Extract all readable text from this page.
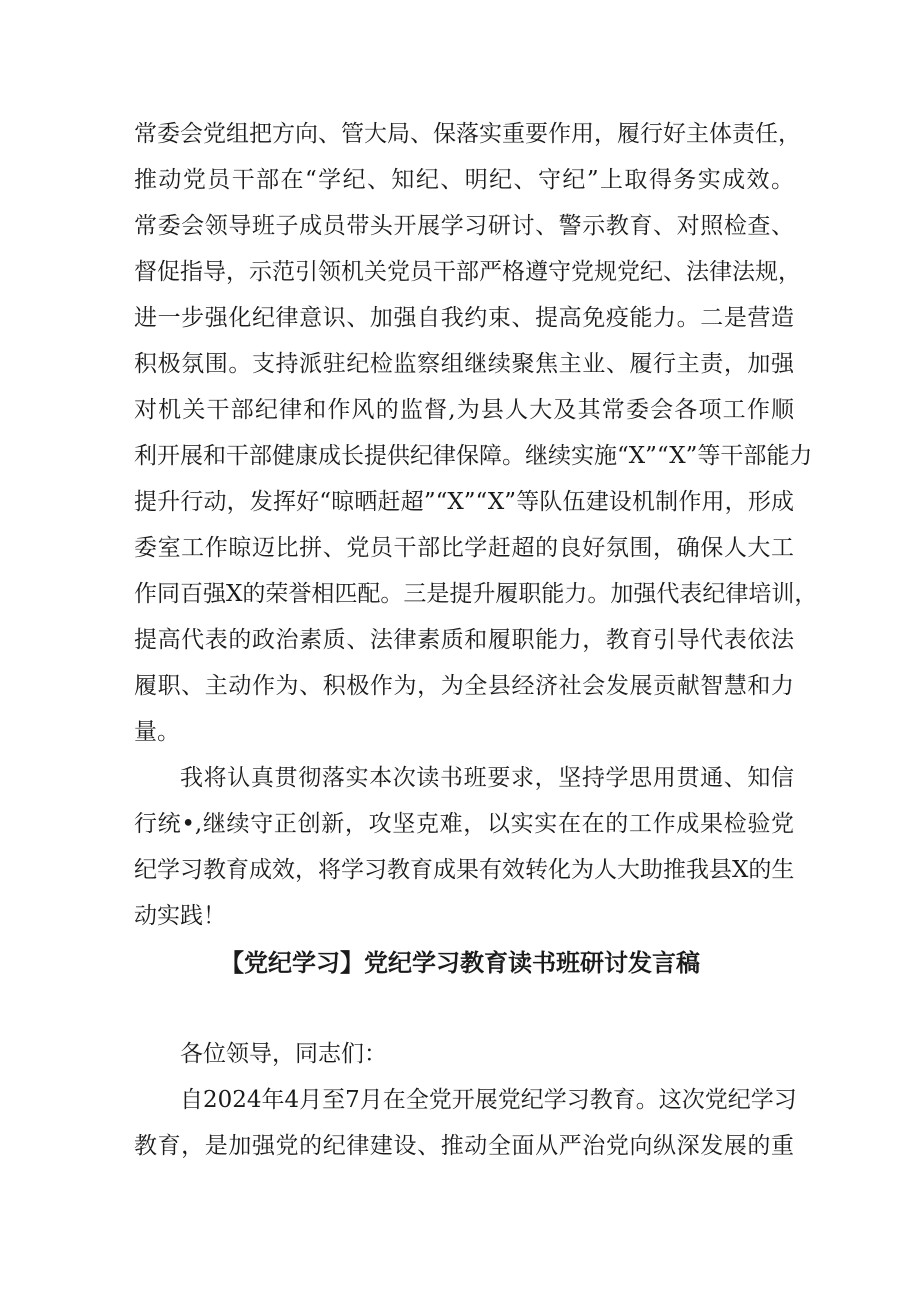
常委会党组把方向、管大局、保落实重要作用，履行好主体责任，
推动党员干部在“学纪、知纪、明纪、守纪”上取得务实成效。
常委会领导班子成员带头开展学习研讨、警示教育、对照检查、
督促指导，示范引领机关党员干部严格遵守党规党纪、法律法规，
进一步强化纪律意识、加强自我约束、提高免疫能力。二是营造
积极氛围。支持派驻纪检监察组继续聚焦主业、履行主责，加强
对机关干部纪律和作风的监督,为县人大及其常委会各项工作顺
利开展和干部健康成长提供纪律保障。继续实施“X”“X”等干部能力
提升行动，发挥好“晾晒赶超”“X”“X”等队伍建设机制作用，形成
委室工作晾迈比拼、党员干部比学赶超的良好氛围，确保人大工
作同百强X的荣誉相匹配。三是提升履职能力。加强代表纪律培训，
提高代表的政治素质、法律素质和履职能力，教育引导代表依法
履职、主动作为、积极作为，为全县经济社会发展贡献智慧和力
量。
我将认真贯彻落实本次读书班要求，坚持学思用贯通、知信
行统•,继续守正创新，攻坚克难，以实实在在的工作成果检验党
纪学习教育成效，将学习教育成果有效转化为人大助推我县X的生
动实践！
【党纪学习】党纪学习教育读书班研讨发言稿
各位领导，同志们：
自2024年4月至7月在全党开展党纪学习教育。这次党纪学习
教育，是加强党的纪律建设、推动全面从严治党向纵深发展的重
